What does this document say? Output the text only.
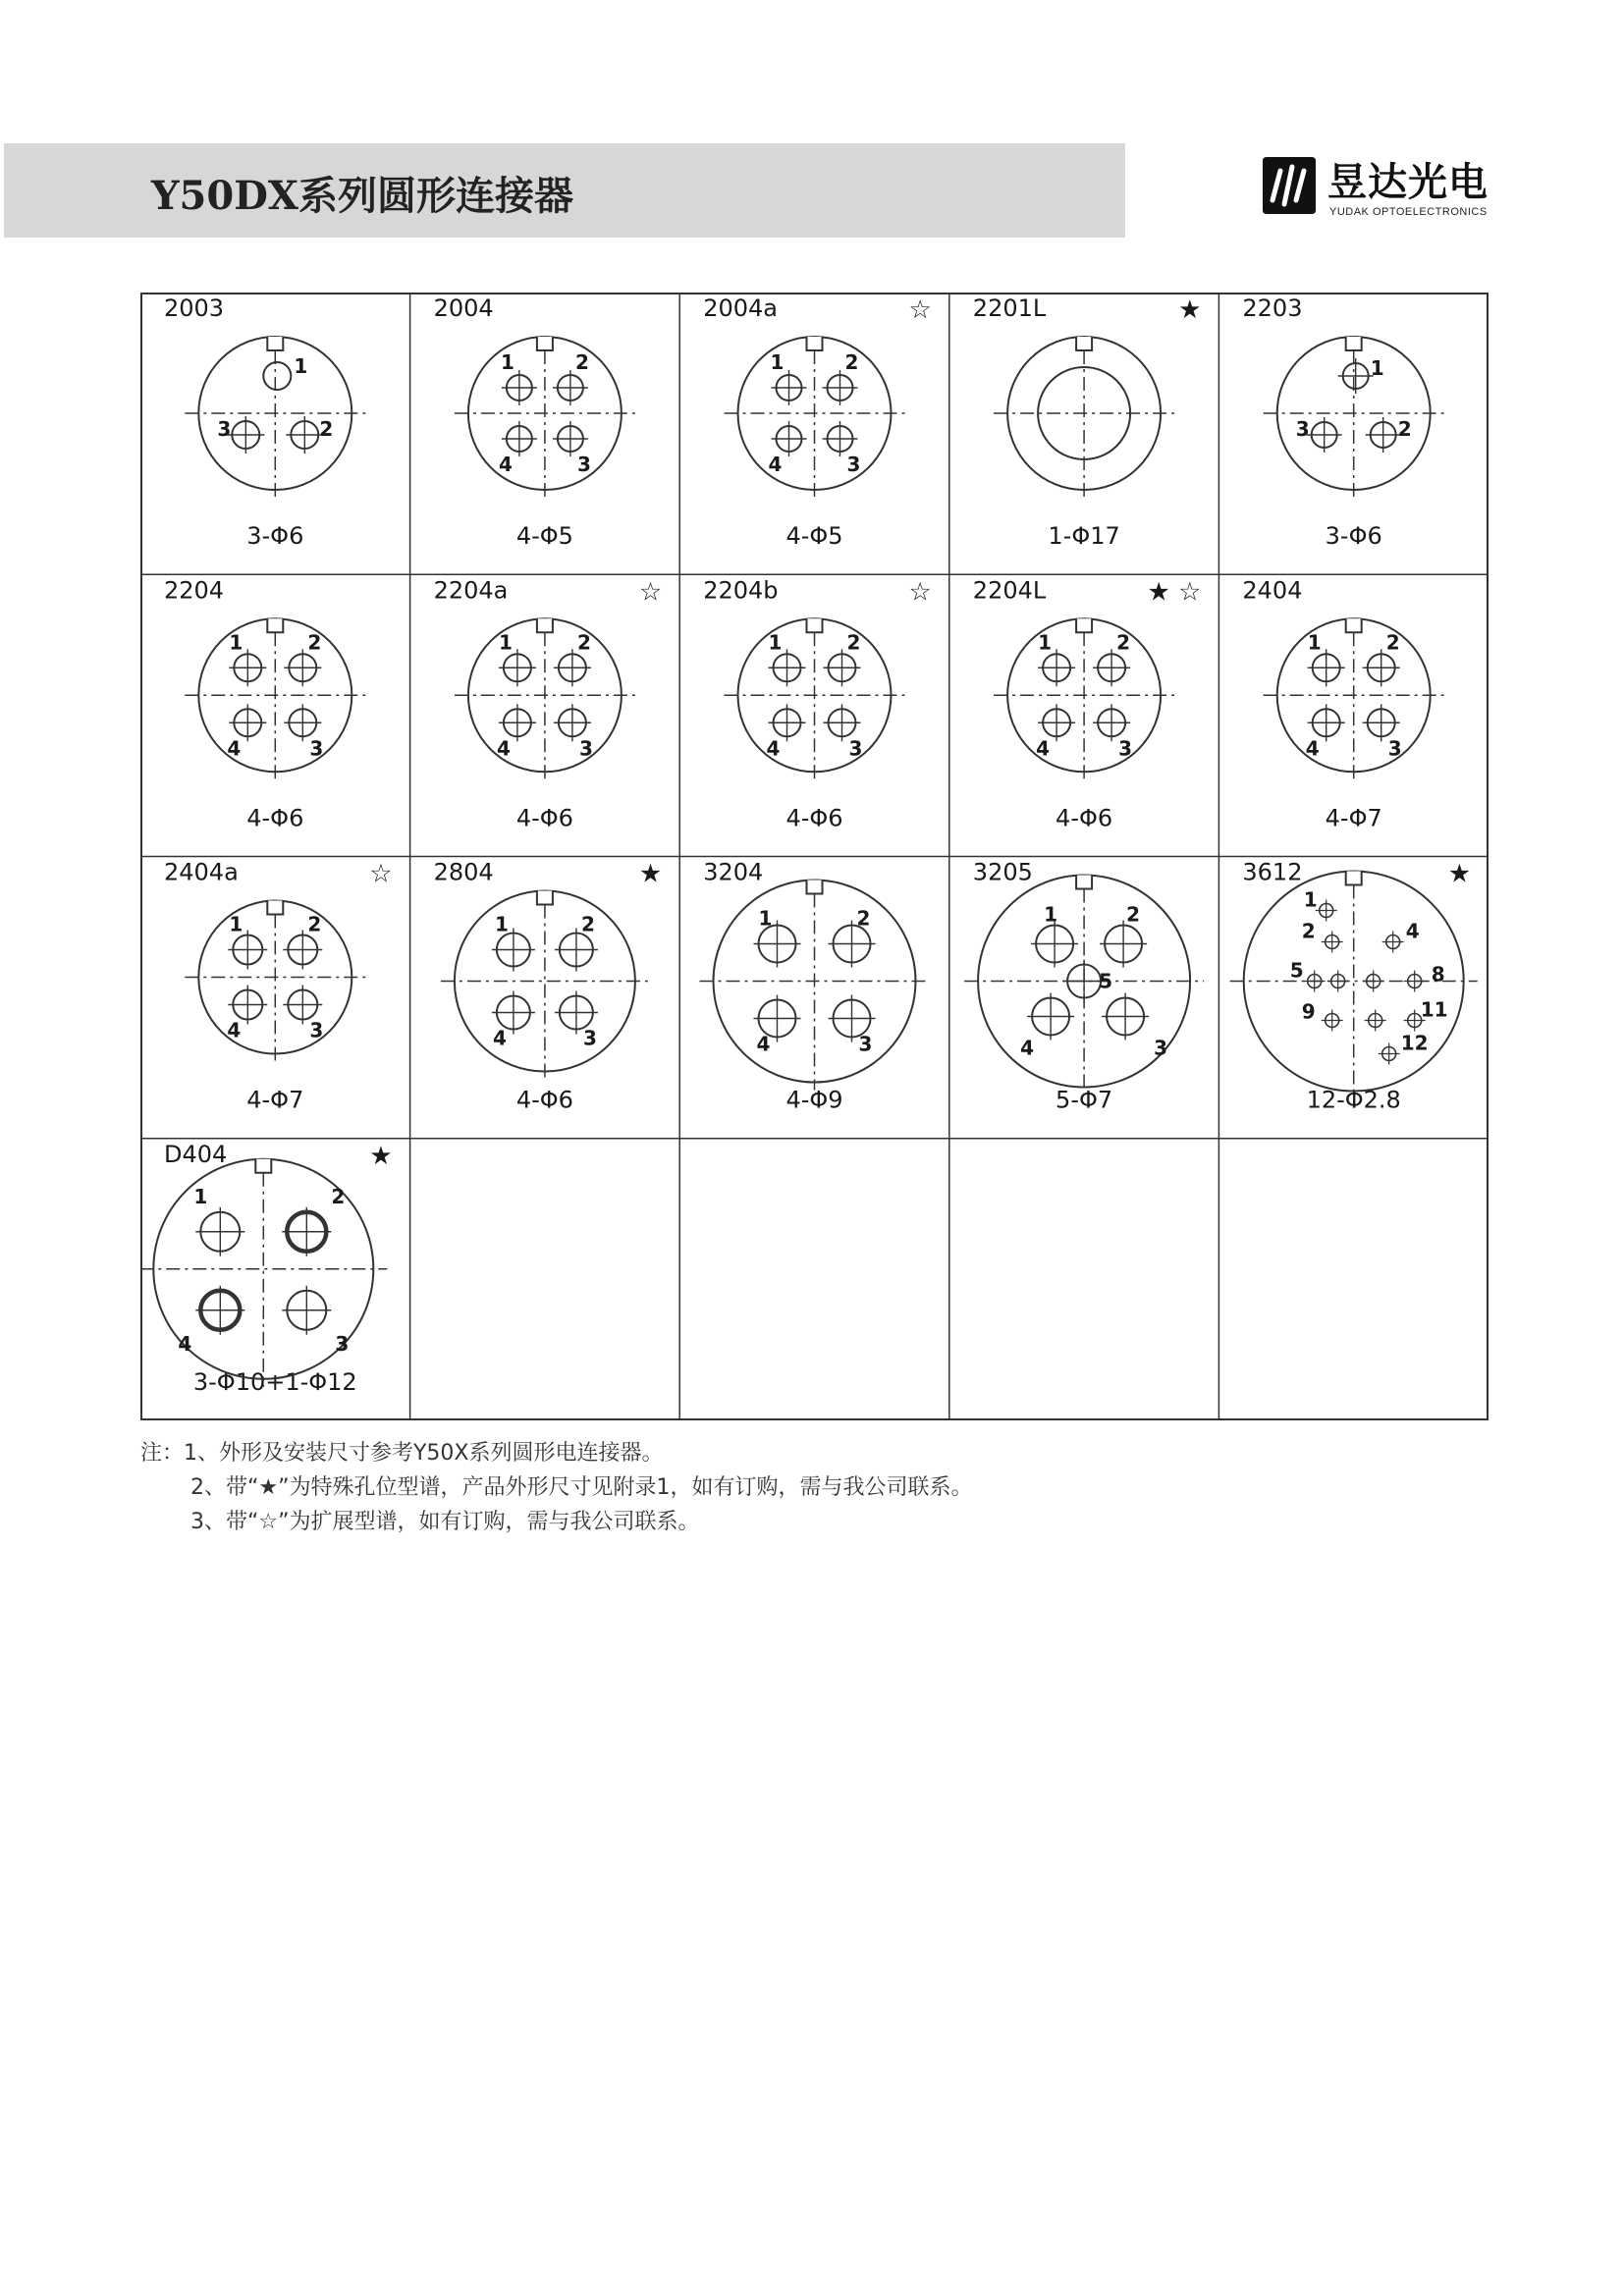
Y50DX系列圆形连接器	昱达光电
YUDAK OPTOELECTRONICS
2003
3-Φ6
1
2
3
2004
4-Φ5
1	2
3
4
2004a	☆
4-Φ5
1	2
3
4
2201L	★
1-Φ17
2203
3-Φ6
1
2
3
2204
4-Φ6
1	2
3
4
2204a	☆
4-Φ6
1	2
3
4
2204b	☆
4-Φ6
1	2
3
4
2204L	★ ☆
4-Φ6
1	2
3
4
2404
4-Φ7
1	2
3
4
2404a	☆
4-Φ7
1	2
3
4
2804	★
4-Φ6
1	2
3
4
3204
4-Φ9
1	2
3
4
3205
5-Φ7
1	2
3
4
5
3612	★
12-Φ2.8
1
2
5
4
8
9	11
12
D404	★
3-Φ10+1-Φ12
1	2
3
4
注：1、外形及安装尺寸参考Y50X系列圆形电连接器。
2、带“★”为特殊孔位型谱，产品外形尺寸见附录1，如有订购，需与我公司联系。
3、带“☆”为扩展型谱，如有订购，需与我公司联系。
